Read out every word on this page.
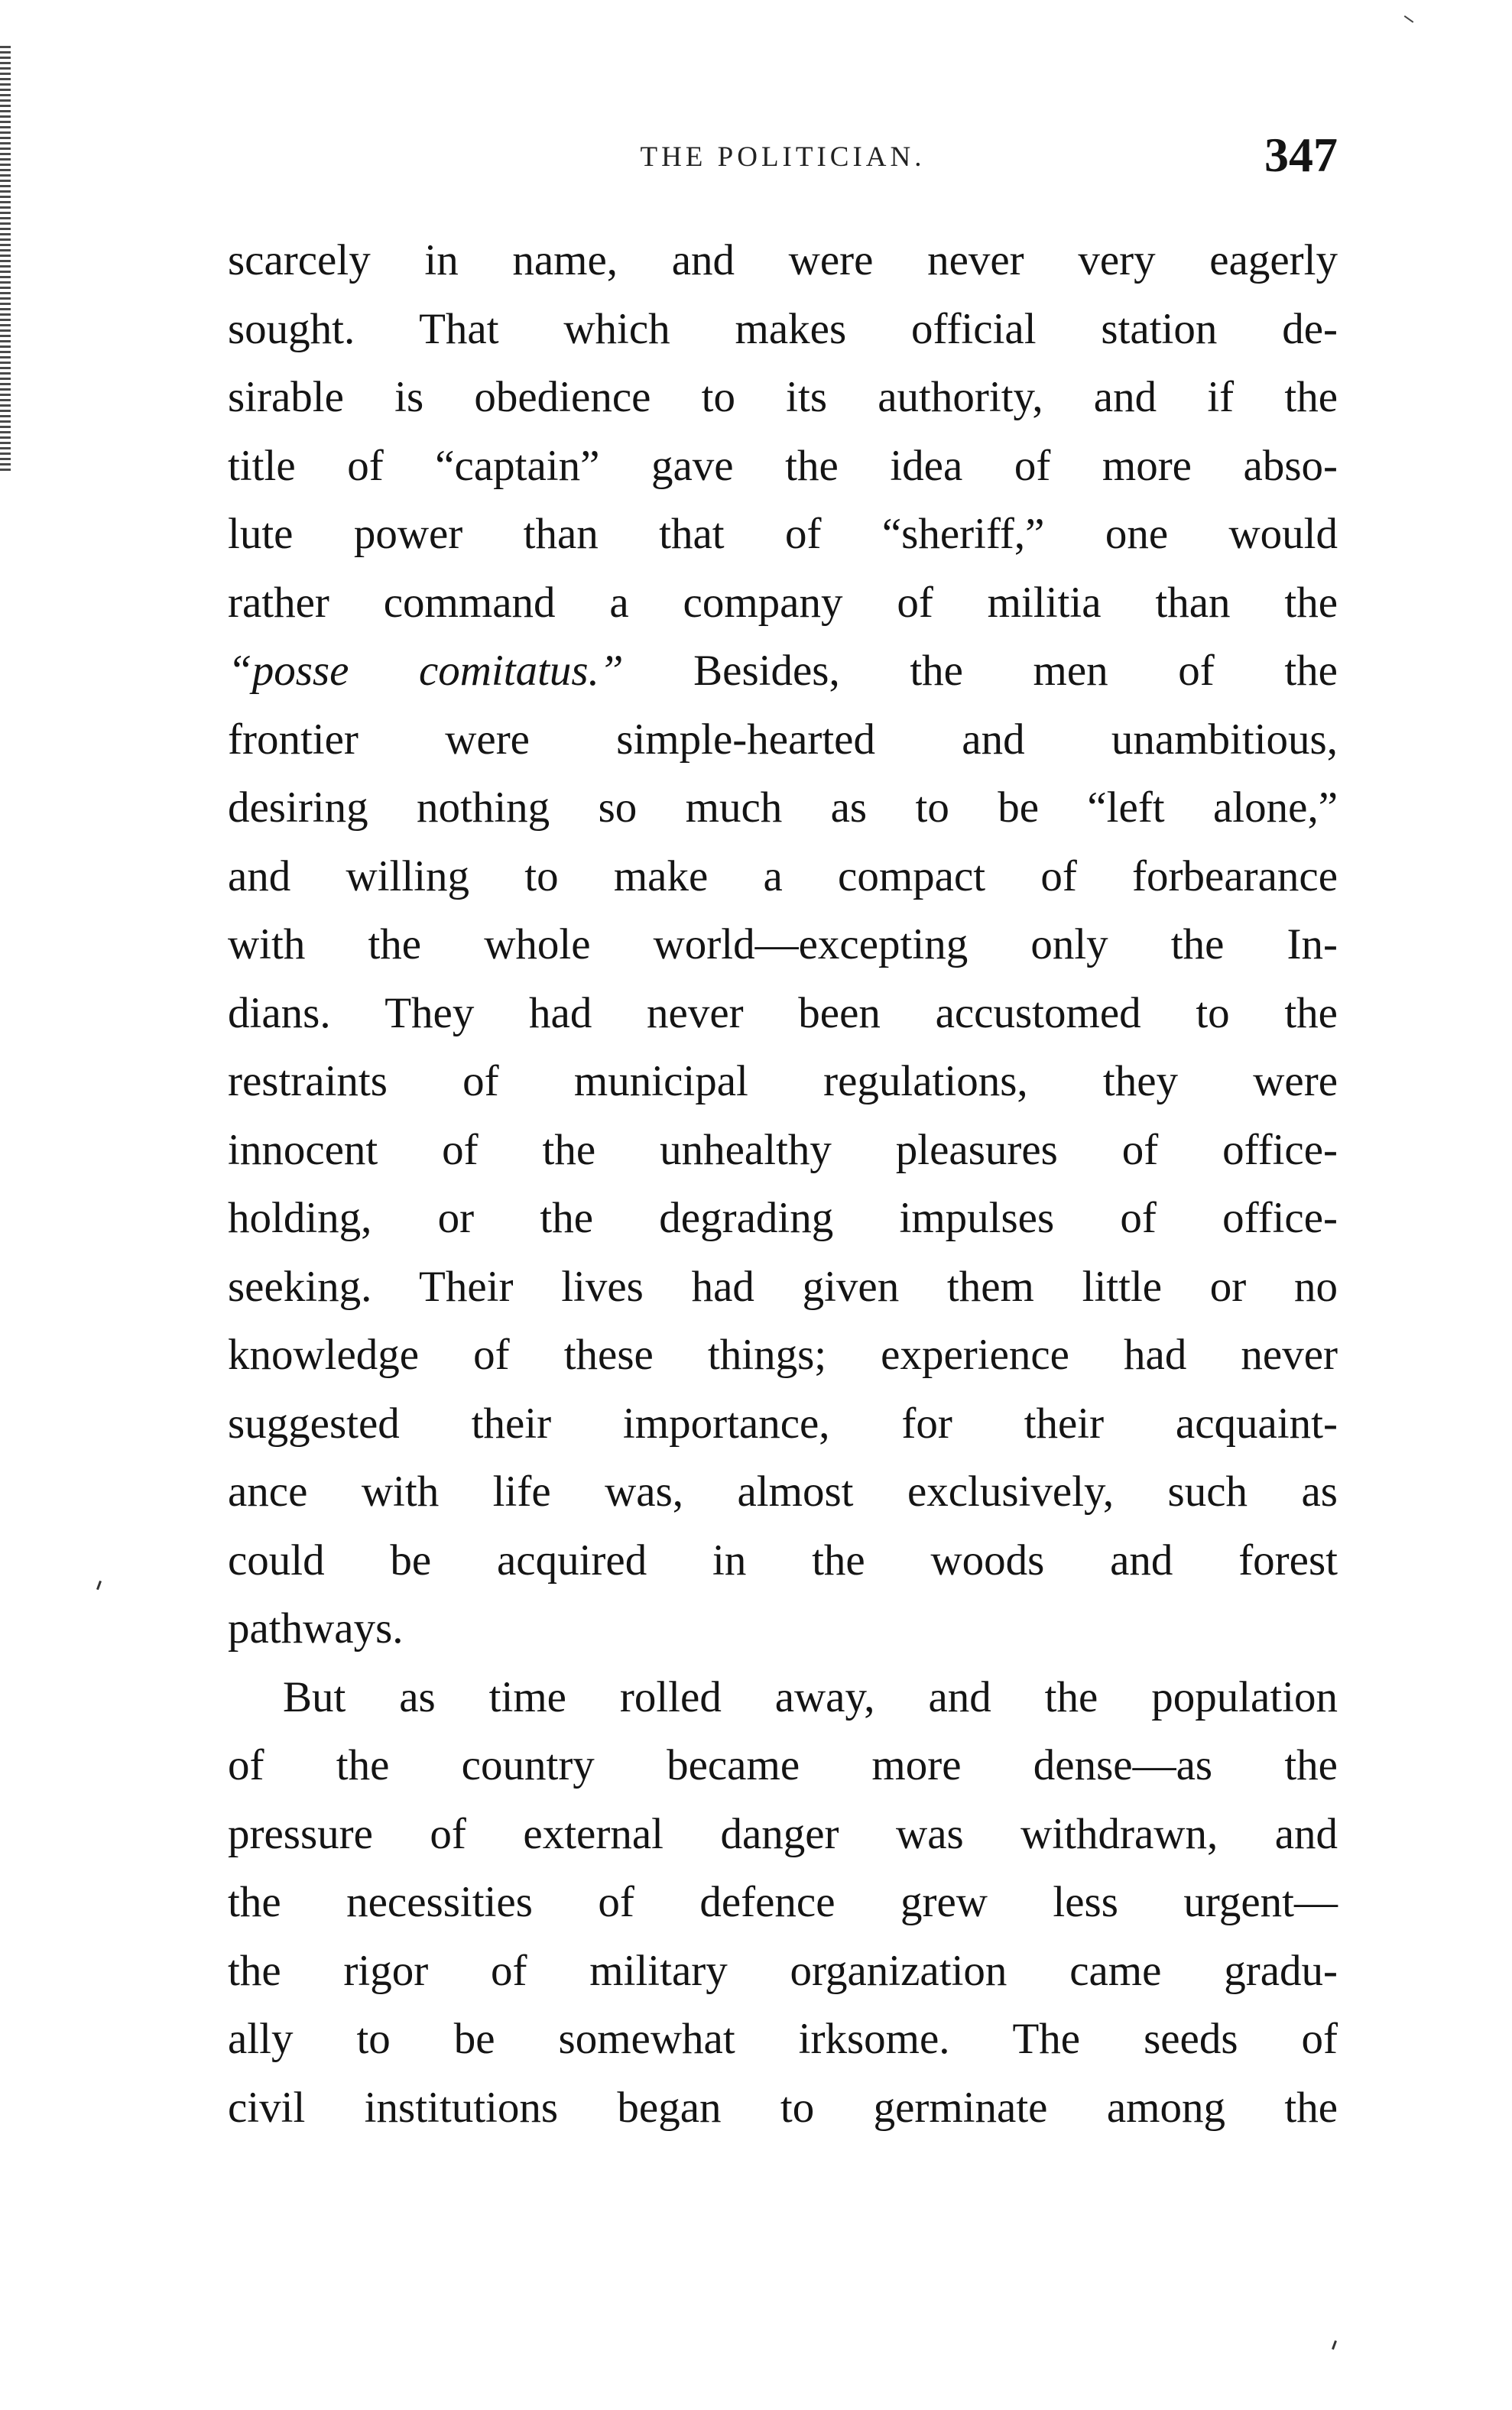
THE POLITICIAN.	347
scarcely in name, and were never very eagerly
sought. That which makes official station de-
sirable is obedience to its authority, and if the
title of “captain” gave the idea of more abso-
lute power than that of “sheriff,” one would
rather command a company of militia than the
“posse comitatus.” Besides, the men of the
frontier were simple-hearted and unambitious,
desiring nothing so much as to be “left alone,”
and willing to make a compact of forbearance
with the whole world—excepting only the In-
dians. They had never been accustomed to the
restraints of municipal regulations, they were
innocent of the unhealthy pleasures of office-
holding, or the degrading impulses of office-
seeking. Their lives had given them little or no
knowledge of these things; experience had never
suggested their importance, for their acquaint-
ance with life was, almost exclusively, such as
could be acquired in the woods and forest
pathways.
But as time rolled away, and the population
of the country became more dense—as the
pressure of external danger was withdrawn, and
the necessities of defence grew less urgent—
the rigor of military organization came gradu-
ally to be somewhat irksome. The seeds of
civil institutions began to germinate among the
